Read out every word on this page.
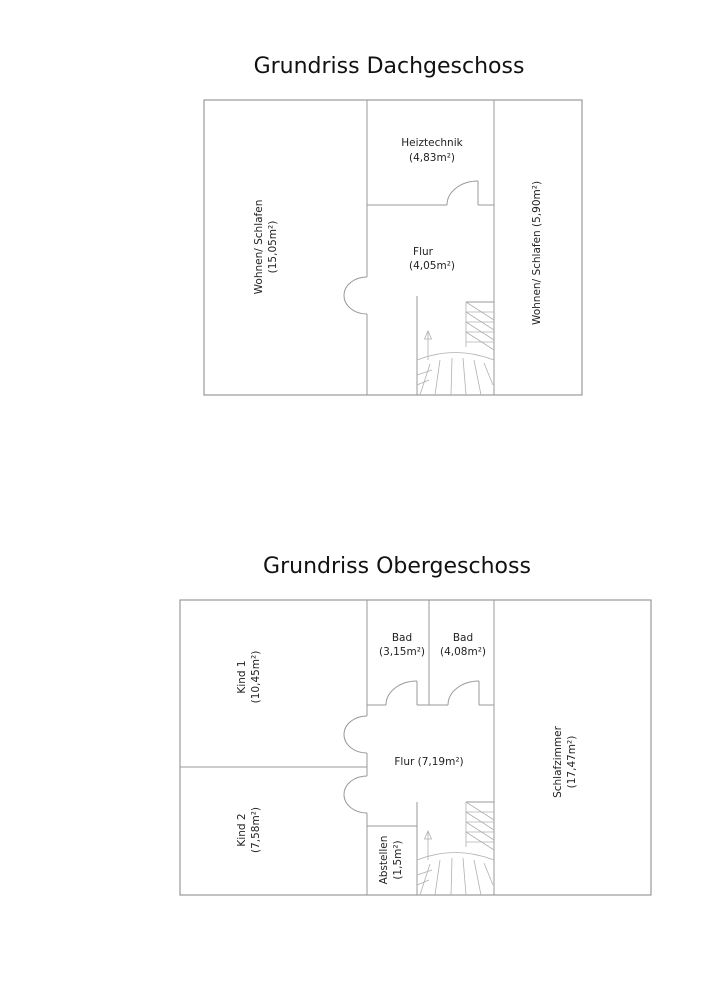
Grundriss Dachgeschoss
Wohnen/ Schlafen (15,05m²)
Heiztechnik
(4,83m²)
Flur
(4,05m²)	Wohnen/ Schlafen (5,90m²)
Grundriss Obergeschoss
Kind 1 (10,45m²)
Kind 2 (7,58m²)
Bad
(3,15m²)
Bad
(4,08m²)
Flur (7,19m²)
Abstellen (1,5m²)
Schlafzimmer (17,47m²)
